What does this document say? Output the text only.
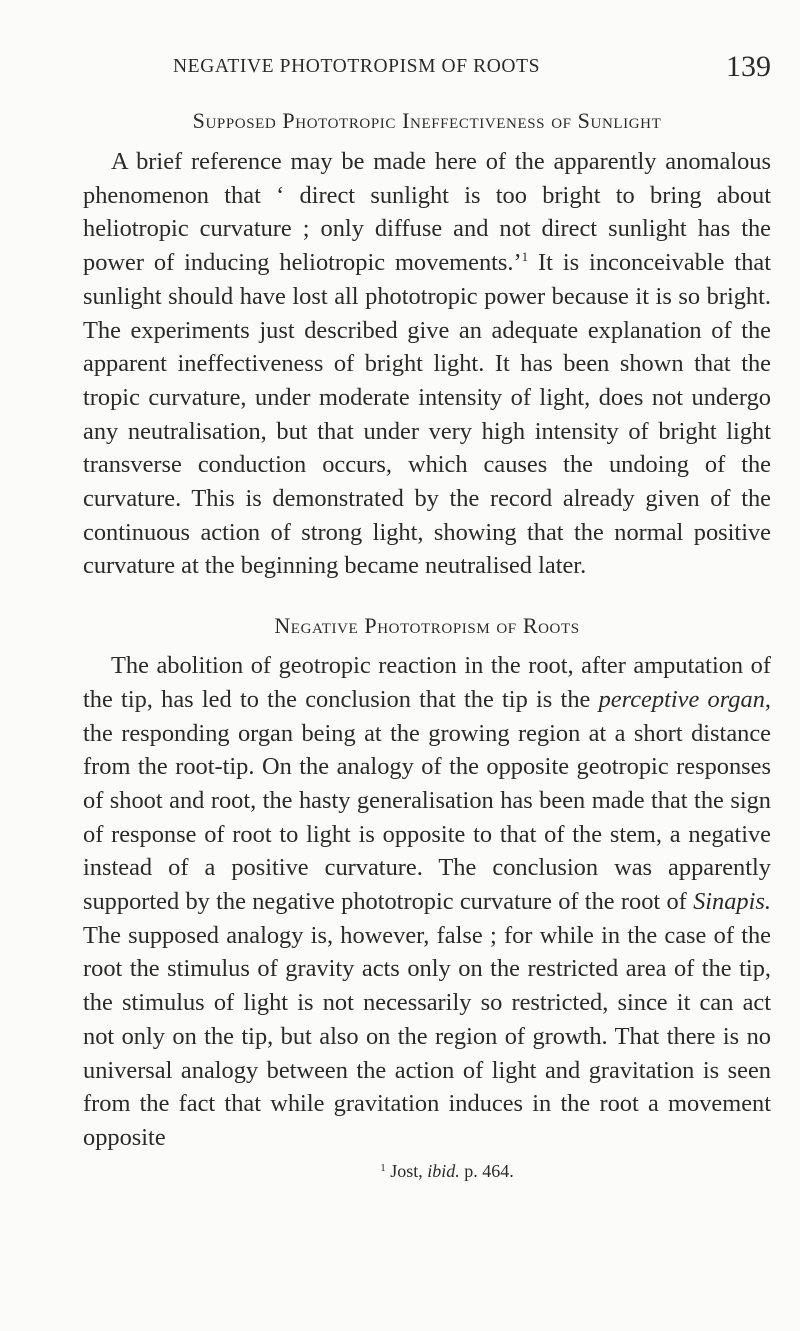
NEGATIVE PHOTOTROPISM OF ROOTS	139
Supposed Phototropic Ineffectiveness of Sunlight

A brief reference may be made here of the apparently anomalous phenomenon that ‘ direct sunlight is too bright to bring about heliotropic curvature ; only diffuse and not direct sunlight has the power of inducing heliotropic movements.’$^1$ It is inconceivable that sunlight should have lost all phototropic power because it is so bright. The experiments just described give an adequate explanation of the apparent ineffectiveness of bright light. It has been shown that the tropic curvature, under moderate intensity of light, does not undergo any neutralisation, but that under very high intensity of bright light transverse conduction occurs, which causes the undoing of the curvature. This is demonstrated by the record already given of the continuous action of strong light, showing that the normal positive curvature at the beginning became neutralised later.

Negative Phototropism of Roots

The abolition of geotropic reaction in the root, after amputation of the tip, has led to the conclusion that the tip is the perceptive organ, the responding organ being at the growing region at a short distance from the root-tip. On the analogy of the opposite geotropic responses of shoot and root, the hasty generalisation has been made that the sign of response of root to light is opposite to that of the stem, a negative instead of a positive curvature. The conclusion was apparently supported by the negative phototropic curvature of the root of Sinapis. The supposed analogy is, however, false ; for while in the case of the root the stimulus of gravity acts only on the restricted area of the tip, the stimulus of light is not necessarily so restricted, since it can act not only on the tip, but also on the region of growth. That there is no universal analogy between the action of light and gravitation is seen from the fact that while gravitation induces in the root a movement opposite

$^1$ Jost, ibid. p. 464.
